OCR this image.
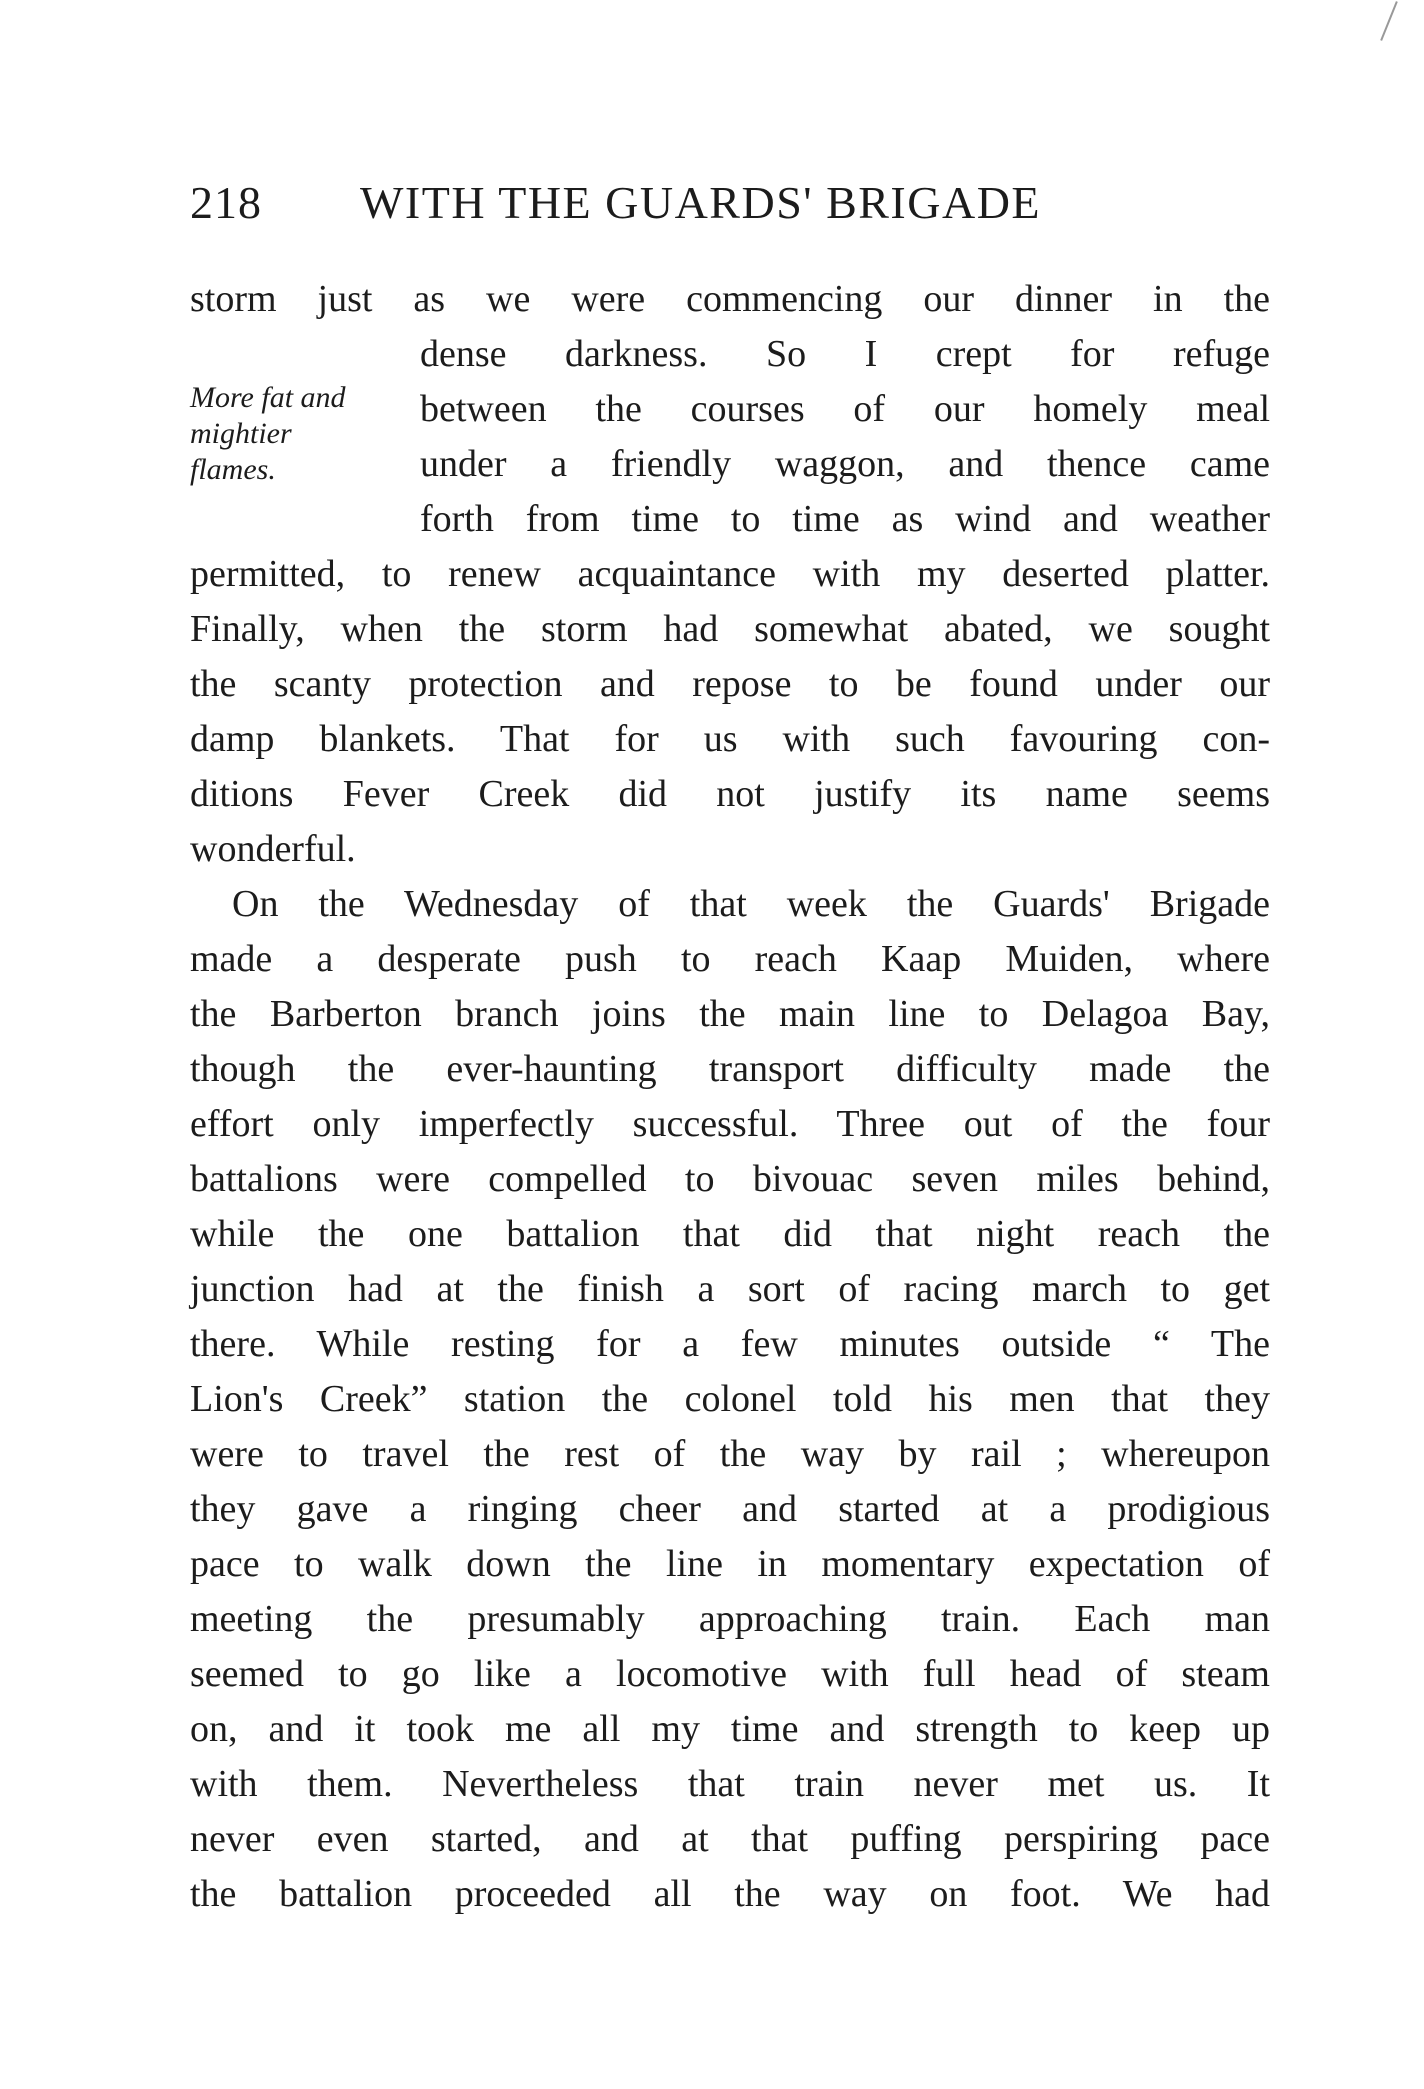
218 WITH THE GUARDS' BRIGADE
More fat and
mightier
flames.
storm just as we were commencing our dinner in the
dense darkness. So I crept for refuge
between the courses of our homely meal
under a friendly waggon, and thence came
forth from time to time as wind and weather
permitted, to renew acquaintance with my deserted platter.
Finally, when the storm had somewhat abated, we sought
the scanty protection and repose to be found under our
damp blankets. That for us with such favouring con-
ditions Fever Creek did not justify its name seems
wonderful.
On the Wednesday of that week the Guards' Brigade
made a desperate push to reach Kaap Muiden, where
the Barberton branch joins the main line to Delagoa Bay,
though the ever-haunting transport difficulty made the
effort only imperfectly successful. Three out of the four
battalions were compelled to bivouac seven miles behind,
while the one battalion that did that night reach the
junction had at the finish a sort of racing march to get
there. While resting for a few minutes outside “ The
Lion's Creek” station the colonel told his men that they
were to travel the rest of the way by rail ; whereupon
they gave a ringing cheer and started at a prodigious
pace to walk down the line in momentary expectation of
meeting the presumably approaching train. Each man
seemed to go like a locomotive with full head of steam
on, and it took me all my time and strength to keep up
with them. Nevertheless that train never met us. It
never even started, and at that puffing perspiring pace
the battalion proceeded all the way on foot. We had
